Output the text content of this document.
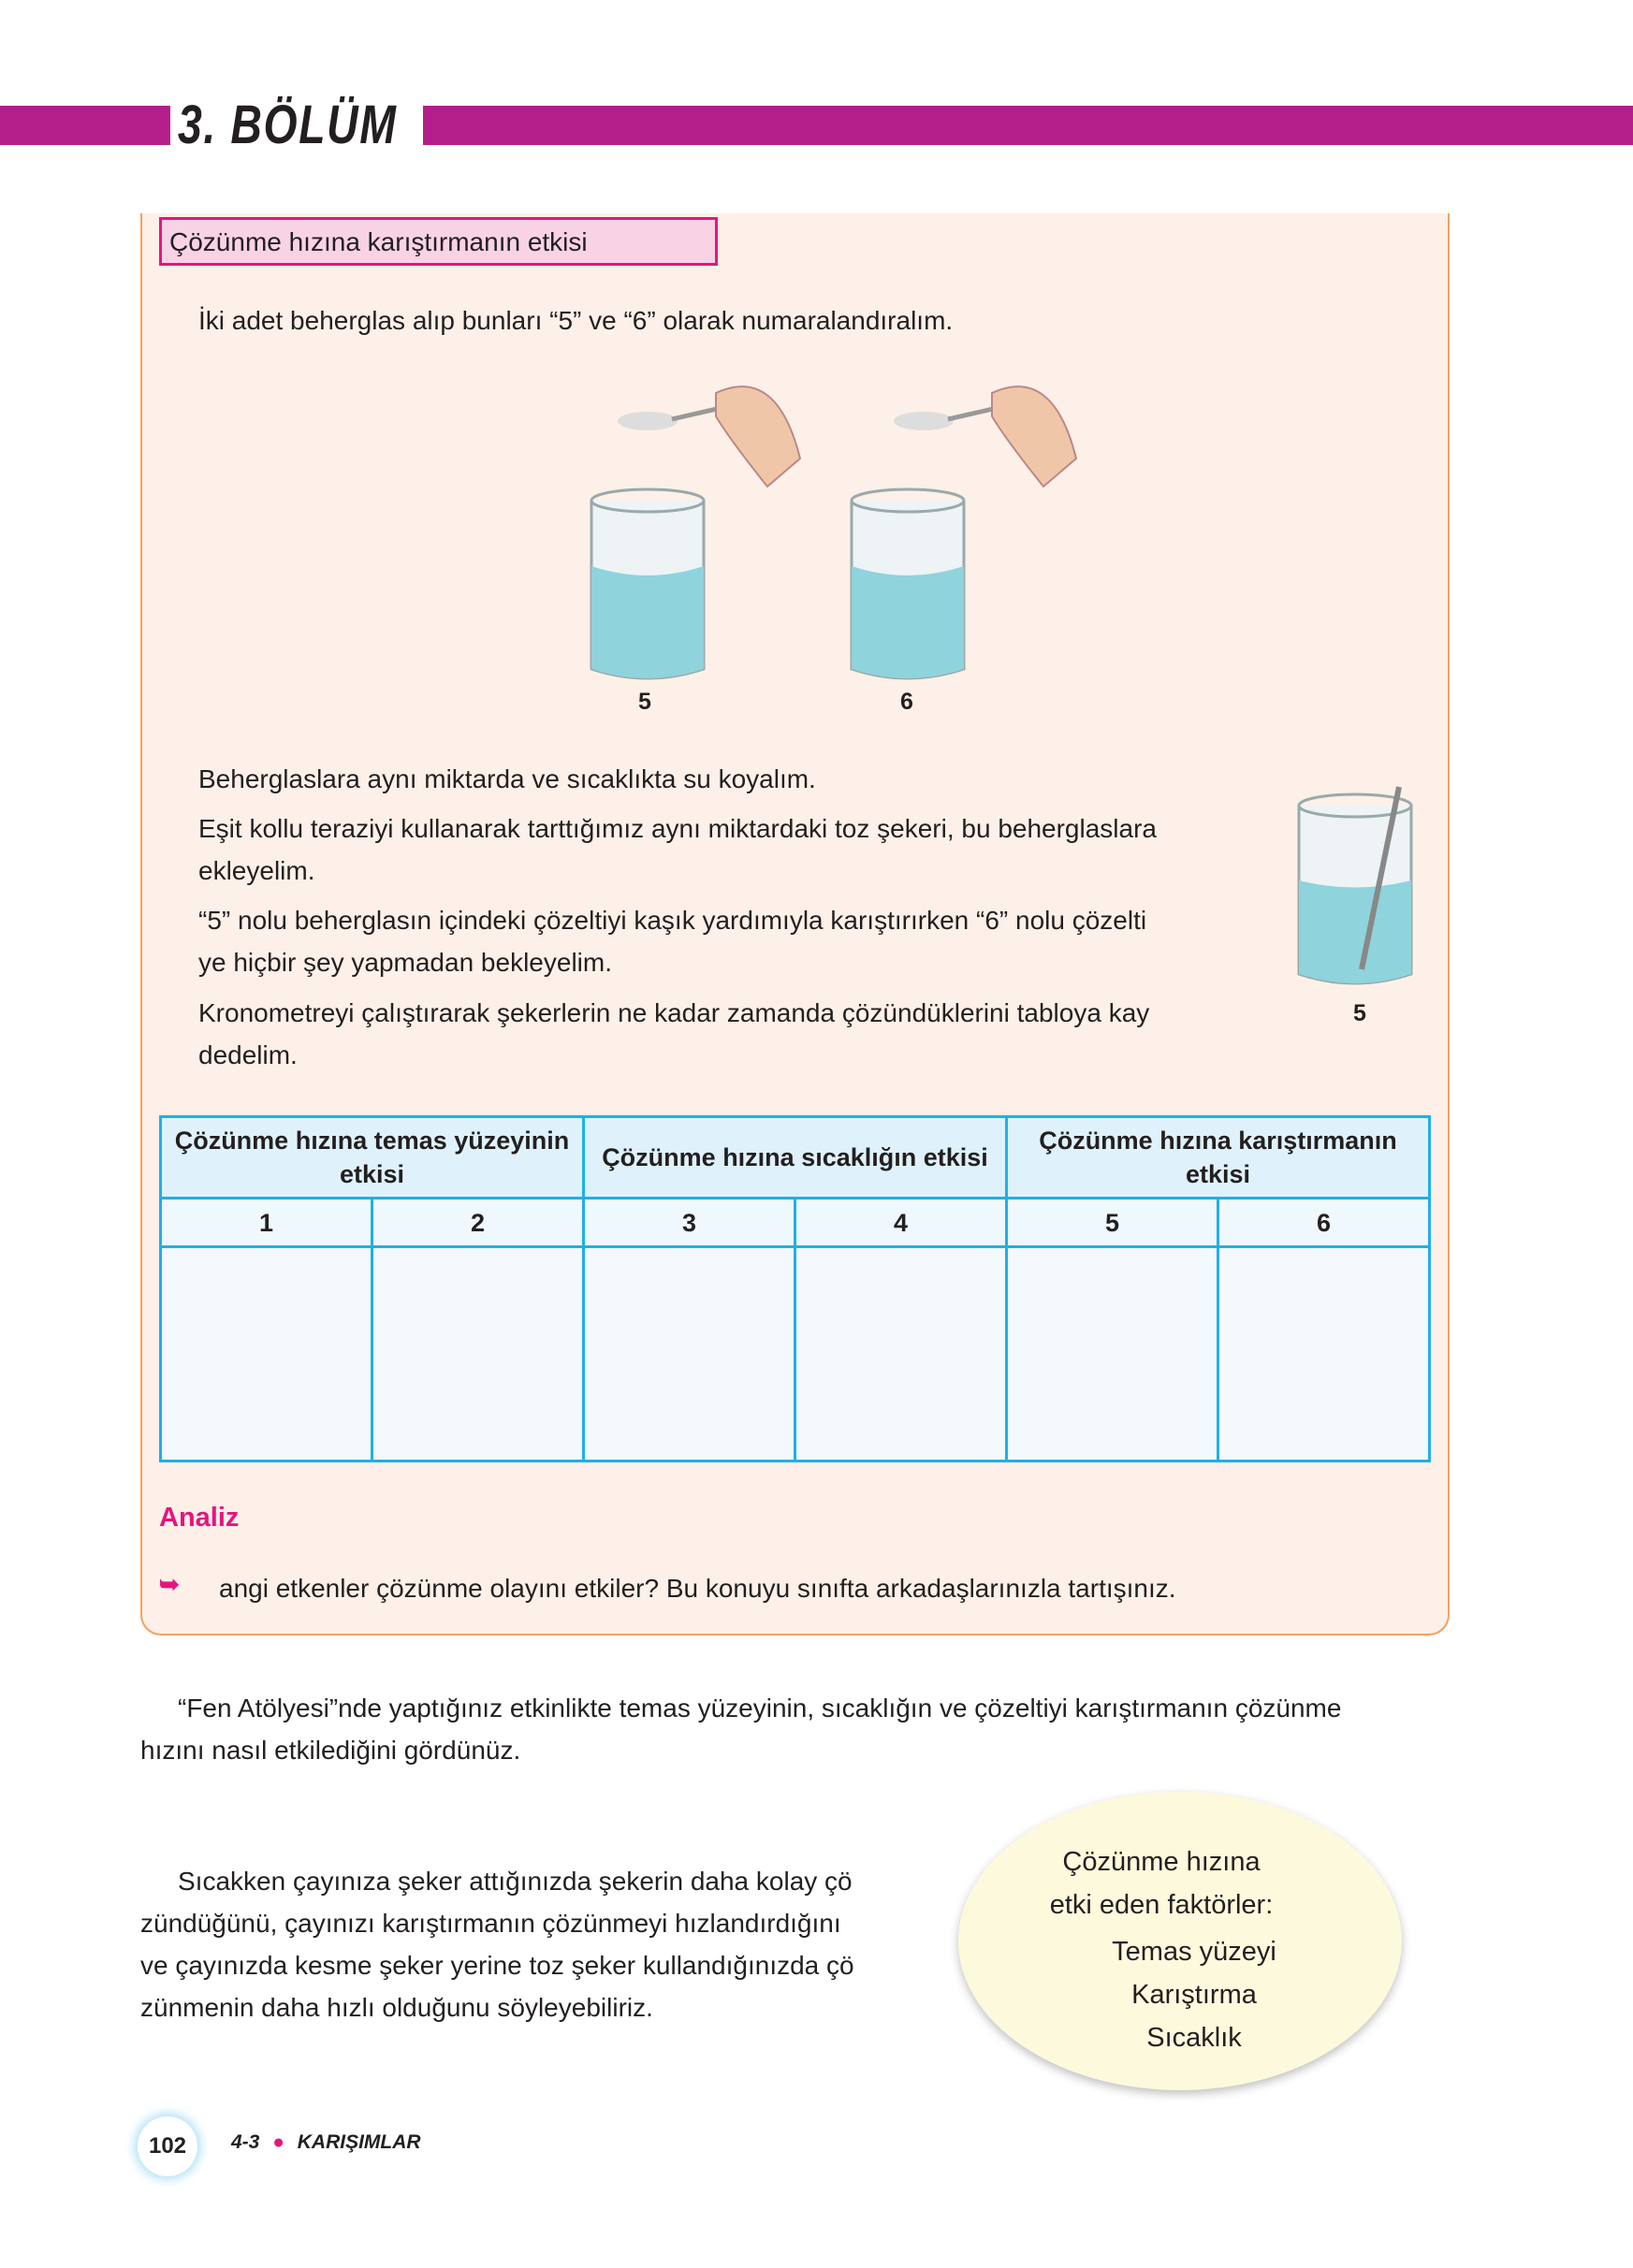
3. BÖLÜM
Çözünme hızına karıştırmanın etkisi
İki adet beherglas alıp bunları “5” ve “6” olarak numaralandıralım.
5	6
Beherglaslara aynı miktarda ve sıcaklıkta su koyalım.
Eşit kollu teraziyi kullanarak tarttığımız aynı miktardaki toz şekeri, bu beherglaslara
ekleyelim.
“5” nolu beherglasın içindeki çözeltiyi kaşık yardımıyla karıştırırken “6” nolu çözelti
ye hiçbir şey yapmadan bekleyelim.
Kronometreyi çalıştırarak şekerlerin ne kadar zamanda çözündüklerini tabloya kay
dedelim.
5
Çözünme hızına temas yüzeyinin etkisi	Çözünme hızına sıcaklığın etkisi	Çözünme hızına karıştırmanın etkisi
1	2	3	4	5	6

Analiz
➥ angi etkenler çözünme olayını etkiler? Bu konuyu sınıfta arkadaşlarınızla tartışınız.
“Fen Atölyesi”nde yaptığınız etkinlikte temas yüzeyinin, sıcaklığın ve çözeltiyi karıştırmanın çözünme
hızını nasıl etkilediğini gördünüz.
Sıcakken çayınıza şeker attığınızda şekerin daha kolay çö
zündüğünü, çayınızı karıştırmanın çözünmeyi hızlandırdığını
ve çayınızda kesme şeker yerine toz şeker kullandığınızda çö
zünmenin daha hızlı olduğunu söyleyebiliriz.
Çözünme hızına
etki eden faktörler:
Temas yüzeyi
Karıştırma
Sıcaklık
102	4-3 ● KARIŞIMLAR
